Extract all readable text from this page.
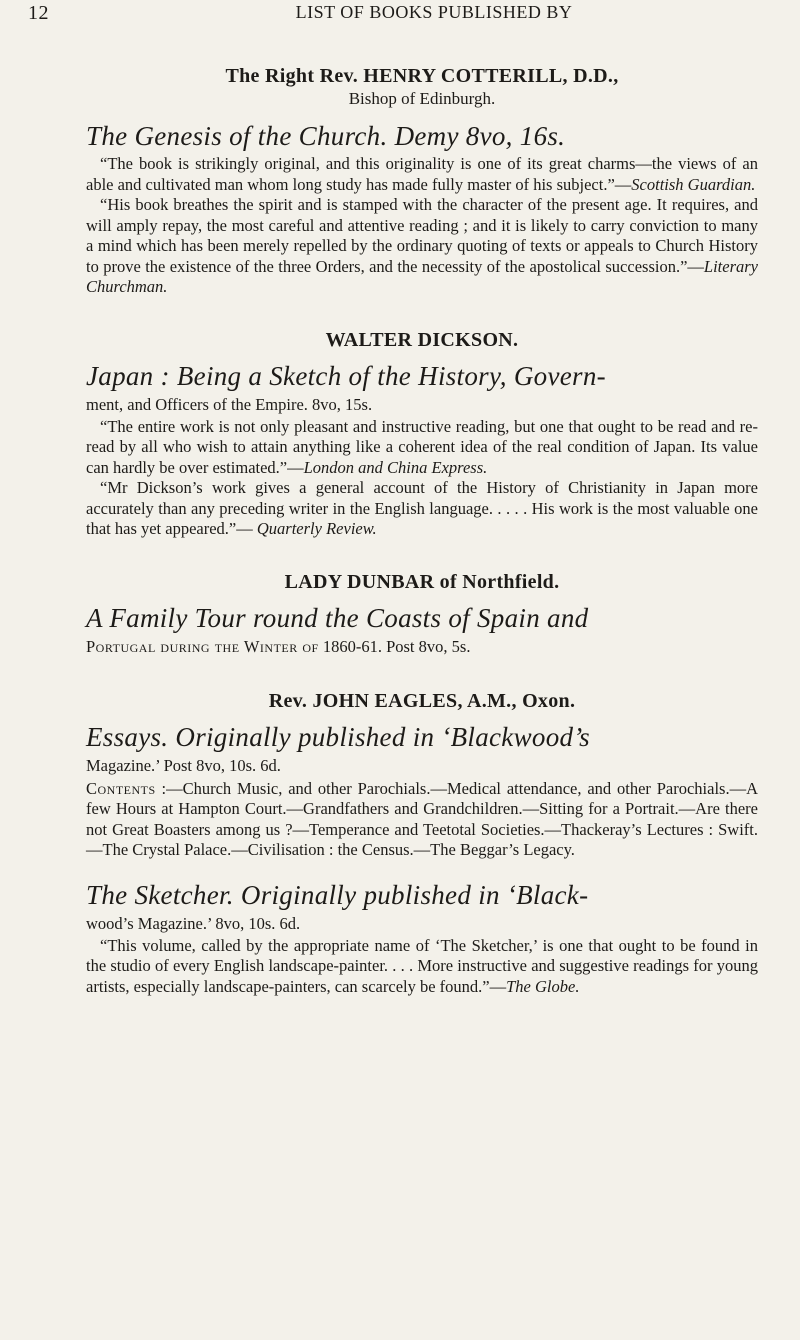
12	LIST OF BOOKS PUBLISHED BY

The Right Rev. HENRY COTTERILL, D.D.,

Bishop of Edinburgh.

The Genesis of the Church. Demy 8vo, 16s.

“The book is strikingly original, and this originality is one of its great charms—the views of an able and cultivated man whom long study has made fully master of his subject.”—Scottish Guardian.

“His book breathes the spirit and is stamped with the character of the present age. It requires, and will amply repay, the most careful and attentive reading ; and it is likely to carry conviction to many a mind which has been merely repelled by the ordinary quoting of texts or appeals to Church History to prove the existence of the three Orders, and the necessity of the apostolical succession.”—Literary Churchman.

WALTER DICKSON.

Japan : Being a Sketch of the History, Govern-

ment, and Officers of the Empire. 8vo, 15s.

“The entire work is not only pleasant and instructive reading, but one that ought to be read and re-read by all who wish to attain anything like a coherent idea of the real condition of Japan. Its value can hardly be over estimated.”—London and China Express.

“Mr Dickson’s work gives a general account of the History of Christianity in Japan more accurately than any preceding writer in the English language. . . . . His work is the most valuable one that has yet appeared.”— Quarterly Review.

LADY DUNBAR of Northfield.

A Family Tour round the Coasts of Spain and

Portugal during the Winter of 1860-61. Post 8vo, 5s.

Rev. JOHN EAGLES, A.M., Oxon.

Essays. Originally published in ‘Blackwood’s

Magazine.’ Post 8vo, 10s. 6d.

Contents :—Church Music, and other Parochials.—Medical attendance, and other Parochials.—A few Hours at Hampton Court.—Grandfathers and Grandchildren.—Sitting for a Portrait.—Are there not Great Boasters among us ?—Temperance and Teetotal Societies.—Thackeray’s Lectures : Swift.—The Crystal Palace.—Civilisation : the Census.—The Beggar’s Legacy.

The Sketcher. Originally published in ‘Black-

wood’s Magazine.’ 8vo, 10s. 6d.

“This volume, called by the appropriate name of ‘The Sketcher,’ is one that ought to be found in the studio of every English landscape-painter. . . . More instructive and suggestive readings for young artists, especially landscape-painters, can scarcely be found.”—The Globe.
